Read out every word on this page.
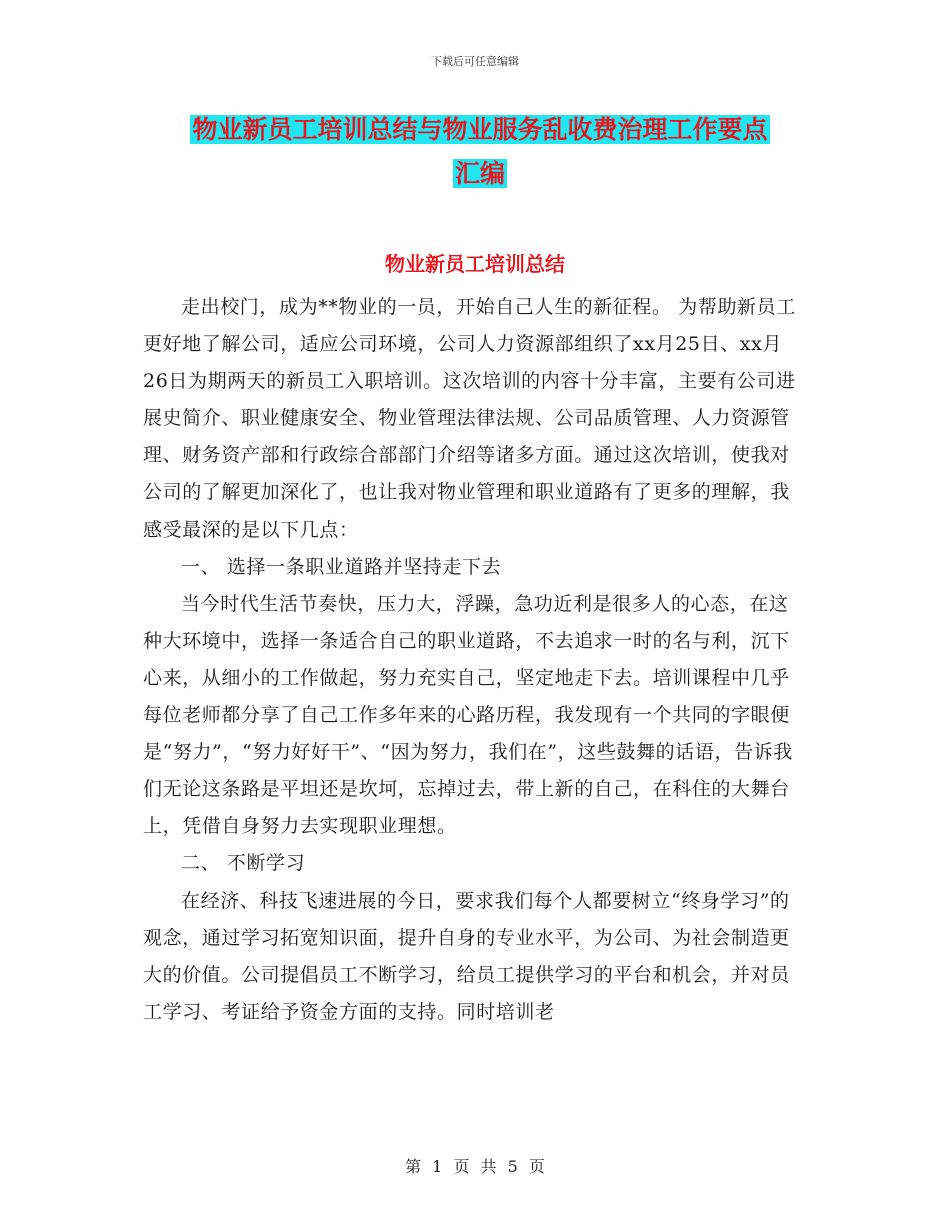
下载后可任意编辑
物业新员工培训总结与物业服务乱收费治理工作要点
汇编
物业新员工培训总结

走出校门，成为**物业的一员，开始自己人生的新征程。 为帮助新员工更好地了解公司，适应公司环境，公司人力资源部组织了xx月25日、xx月26日为期两天的新员工入职培训。这次培训的内容十分丰富，主要有公司进展史简介、职业健康安全、物业管理法律法规、公司品质管理、人力资源管理、财务资产部和行政综合部部门介绍等诸多方面。通过这次培训，使我对公司的了解更加深化了，也让我对物业管理和职业道路有了更多的理解，我感受最深的是以下几点：

一、 选择一条职业道路并坚持走下去

当今时代生活节奏快，压力大，浮躁，急功近利是很多人的心态，在这种大环境中，选择一条适合自己的职业道路，不去追求一时的名与利，沉下心来，从细小的工作做起，努力充实自己，坚定地走下去。培训课程中几乎每位老师都分享了自己工作多年来的心路历程，我发现有一个共同的字眼便是“努力”，“努力好好干”、“因为努力，我们在”，这些鼓舞的话语，告诉我们无论这条路是平坦还是坎坷，忘掉过去，带上新的自己，在科住的大舞台上，凭借自身努力去实现职业理想。

二、 不断学习

在经济、科技飞速进展的今日，要求我们每个人都要树立“终身学习”的观念，通过学习拓宽知识面，提升自身的专业水平，为公司、为社会制造更大的价值。公司提倡员工不断学习，给员工提供学习的平台和机会，并对员工学习、考证给予资金方面的支持。同时培训老

第 1 页 共 5 页
